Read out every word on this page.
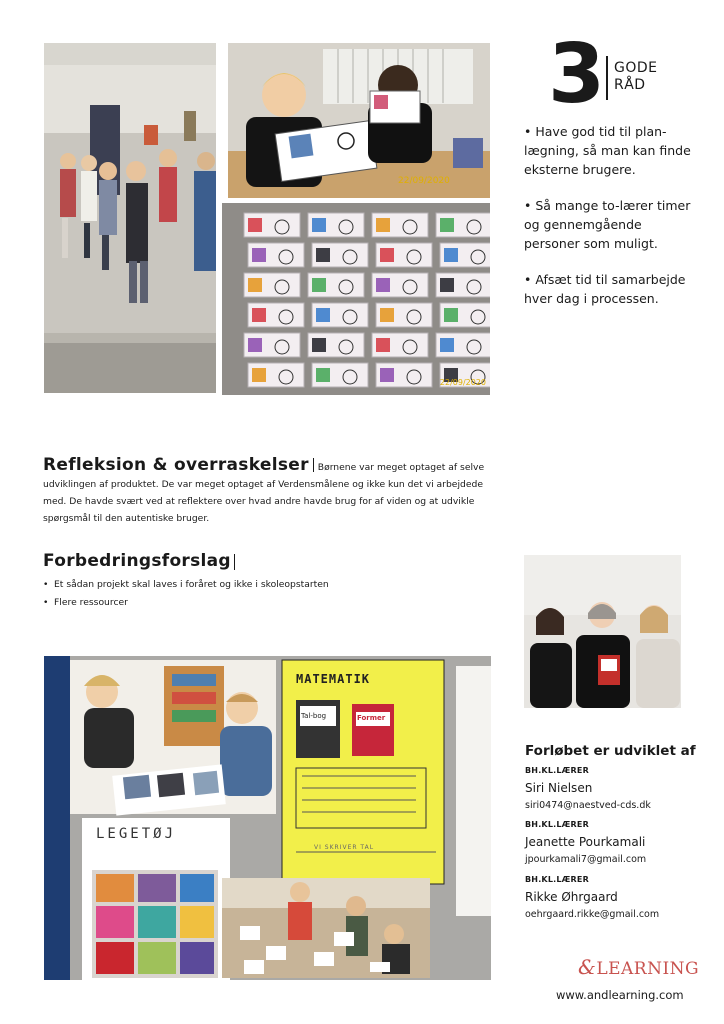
22/09/2020
22/09/2020
3 GODE
RÅD
• Have god tid til plan-lægning, så man kan finde eksterne brugere.
• Så mange to-lærer timer og gennemgående personer som muligt.
• Afsæt tid til samarbejde hver dag i processen.
Refleksion & overraskelser Børnene var meget optaget af selve udviklingen af produktet. De var meget optaget af Verdensmålene og ikke kun det vi arbejdede med. De havde svært ved at reflektere over hvad andre havde brug for af viden og at udvikle spørgsmål til den autentiske bruger.
Forbedringsforslag
• Et sådan projekt skal laves i foråret og ikke i skoleopstarten
• Flere ressourcer
MATEMATIK
Tal-bog	Former
VI SKRIVER TAL
LEGETØJ
Forløbet er udviklet af
BH.KL.LÆRER
Siri Nielsen
siri0474@naestved-cds.dk
BH.KL.LÆRER
Jeanette Pourkamali
jpourkamali7@gmail.com
BH.KL.LÆRER
Rikke Øhrgaard
oehrgaard.rikke@gmail.com
&LEARNING
www.andlearning.com
